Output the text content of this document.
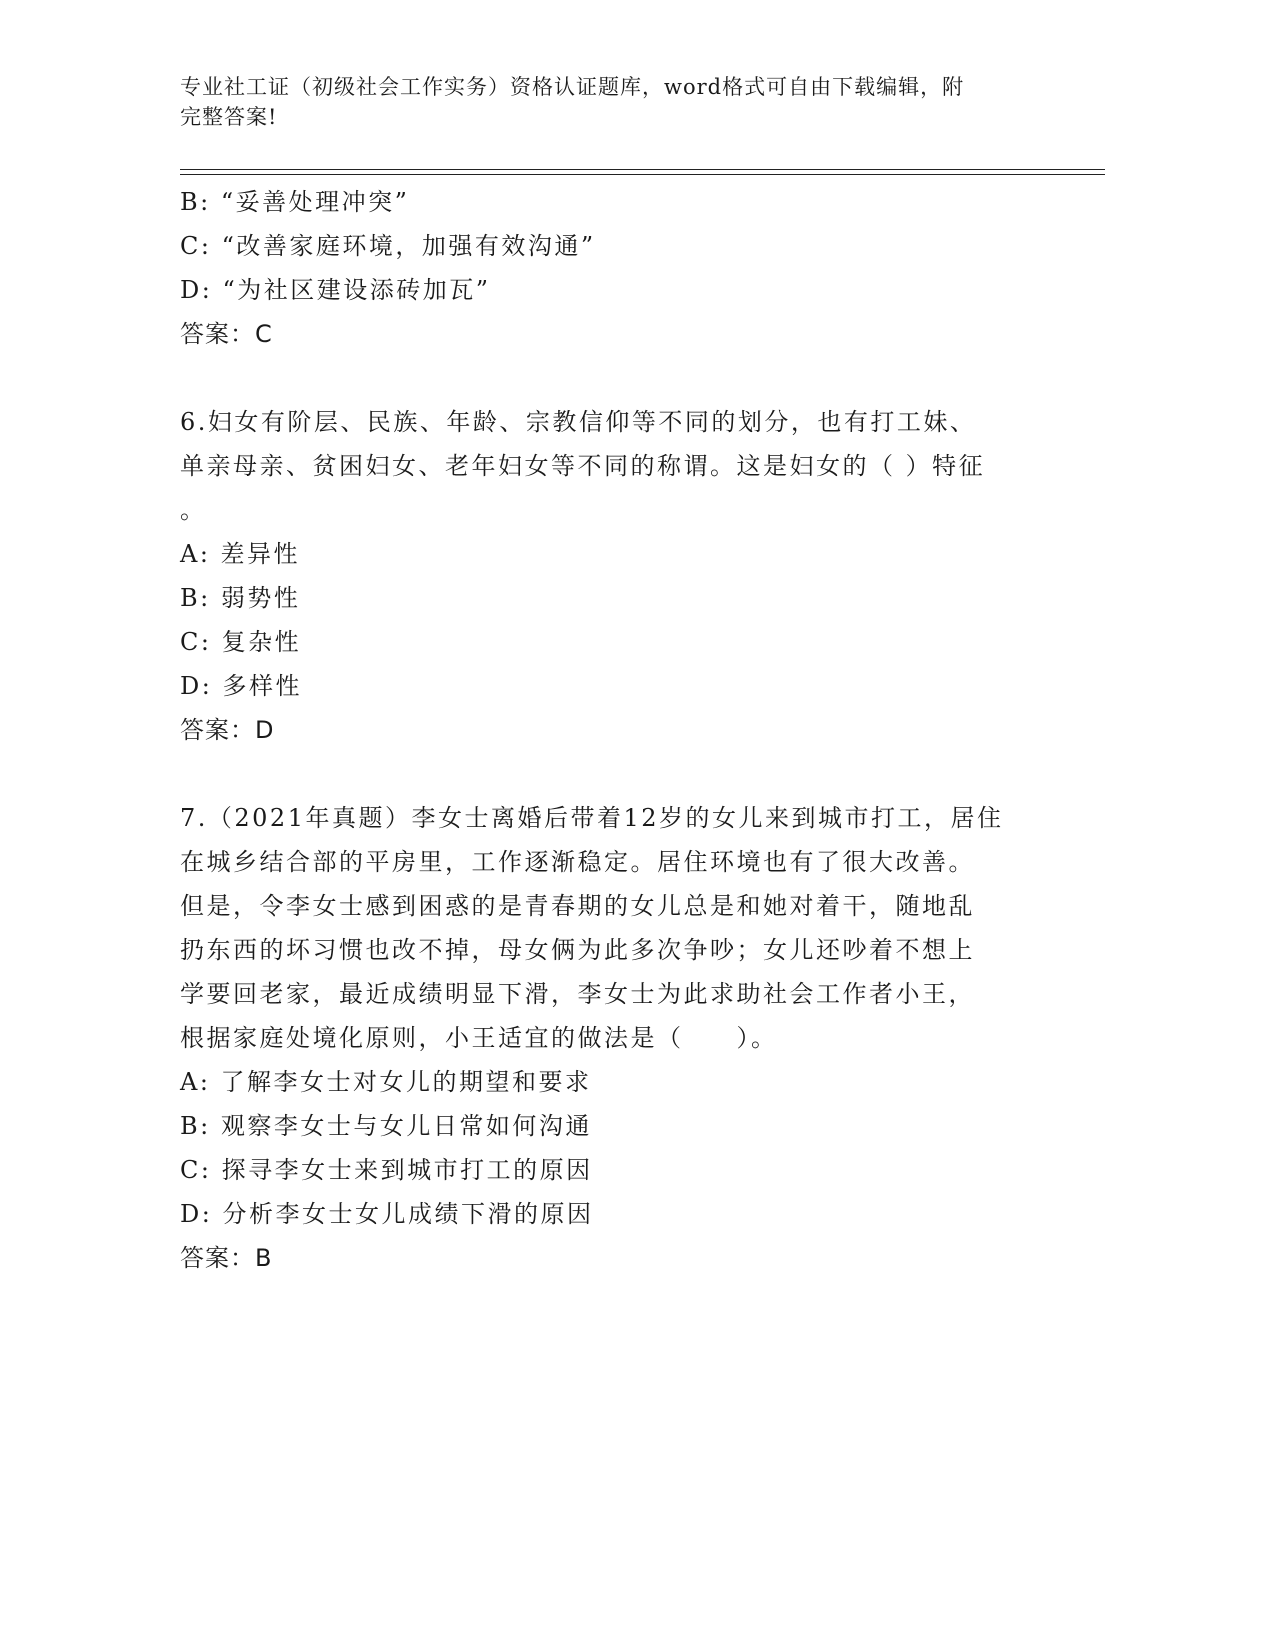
专业社工证（初级社会工作实务）资格认证题库，word格式可自由下载编辑，附
完整答案!
B: “妥善处理冲突”
C: “改善家庭环境，加强有效沟通”
D: “为社区建设添砖加瓦”
答案：C
6.妇女有阶层、民族、年龄、宗教信仰等不同的划分，也有打工妹、
单亲母亲、贫困妇女、老年妇女等不同的称谓。这是妇女的（ ）特征
。
A: 差异性
B: 弱势性
C: 复杂性
D: 多样性
答案：D
7.（2021年真题）李女士离婚后带着12岁的女儿来到城市打工，居住
在城乡结合部的平房里，工作逐渐稳定。居住环境也有了很大改善。
但是，令李女士感到困惑的是青春期的女儿总是和她对着干，随地乱
扔东西的坏习惯也改不掉，母女俩为此多次争吵；女儿还吵着不想上
学要回老家，最近成绩明显下滑，李女士为此求助社会工作者小王，
根据家庭处境化原则，小王适宜的做法是（　　）。
A: 了解李女士对女儿的期望和要求
B: 观察李女士与女儿日常如何沟通
C: 探寻李女士来到城市打工的原因
D: 分析李女士女儿成绩下滑的原因
答案：B
